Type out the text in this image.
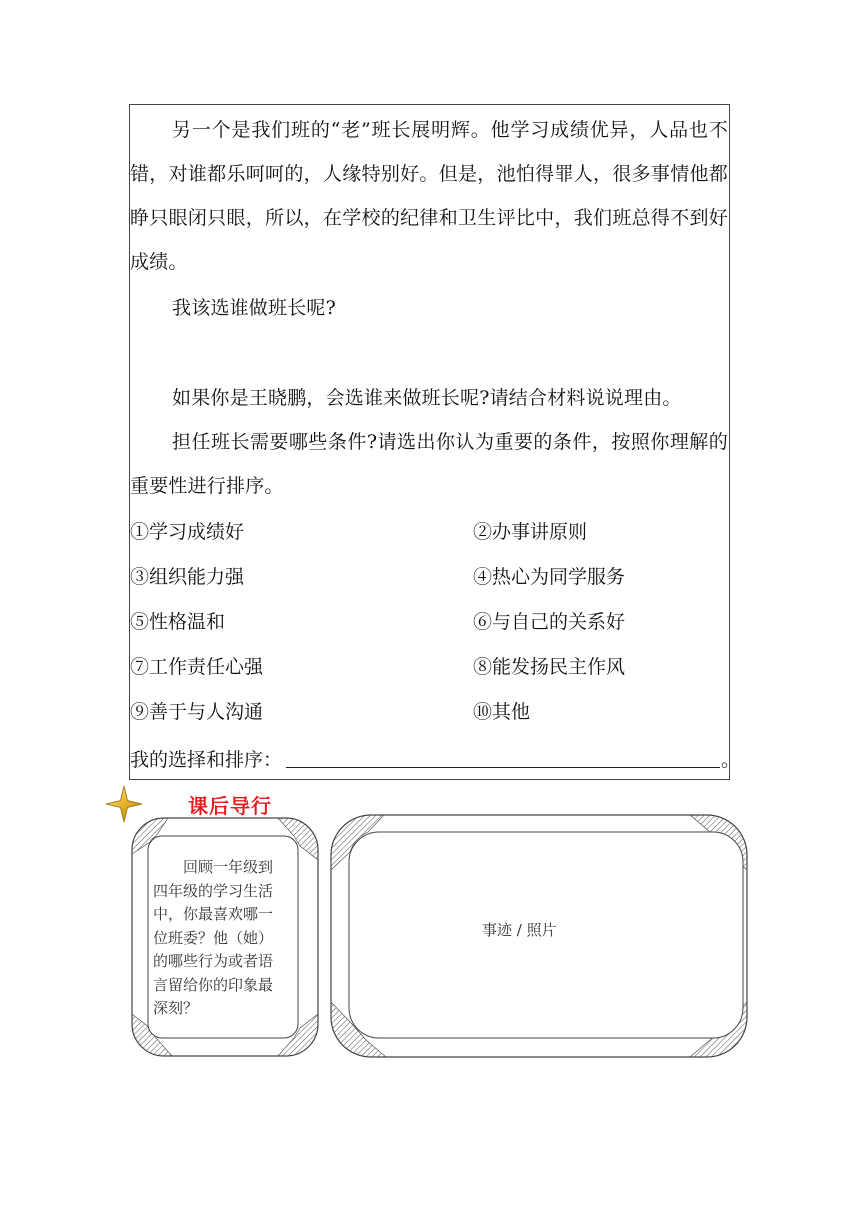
另一个是我们班的“老”班长展明辉。他学习成绩优异，人品也不错，对谁都乐呵呵的，人缘特别好。但是，池怕得罪人，很多事情他都睁只眼闭只眼，所以，在学校的纪律和卫生评比中，我们班总得不到好成绩。

我该选谁做班长呢?

如果你是王晓鹏，会选谁来做班长呢?请结合材料说说理由。

担任班长需要哪些条件?请选出你认为重要的条件，按照你理解的重要性进行排序。

①学习成绩好	②办事讲原则
③组织能力强	④热心为同学服务
⑤性格温和	⑥与自己的关系好
⑦工作责任心强	⑧能发扬民主作风
⑨善于与人沟通	⑩其他
我的选择和排序：	。
课后导行

回顾一年级到四年级的学习生活中，你最喜欢哪一位班委？他（她）的哪些行为或者语言留给你的印象最深刻？

事迹 / 照片
